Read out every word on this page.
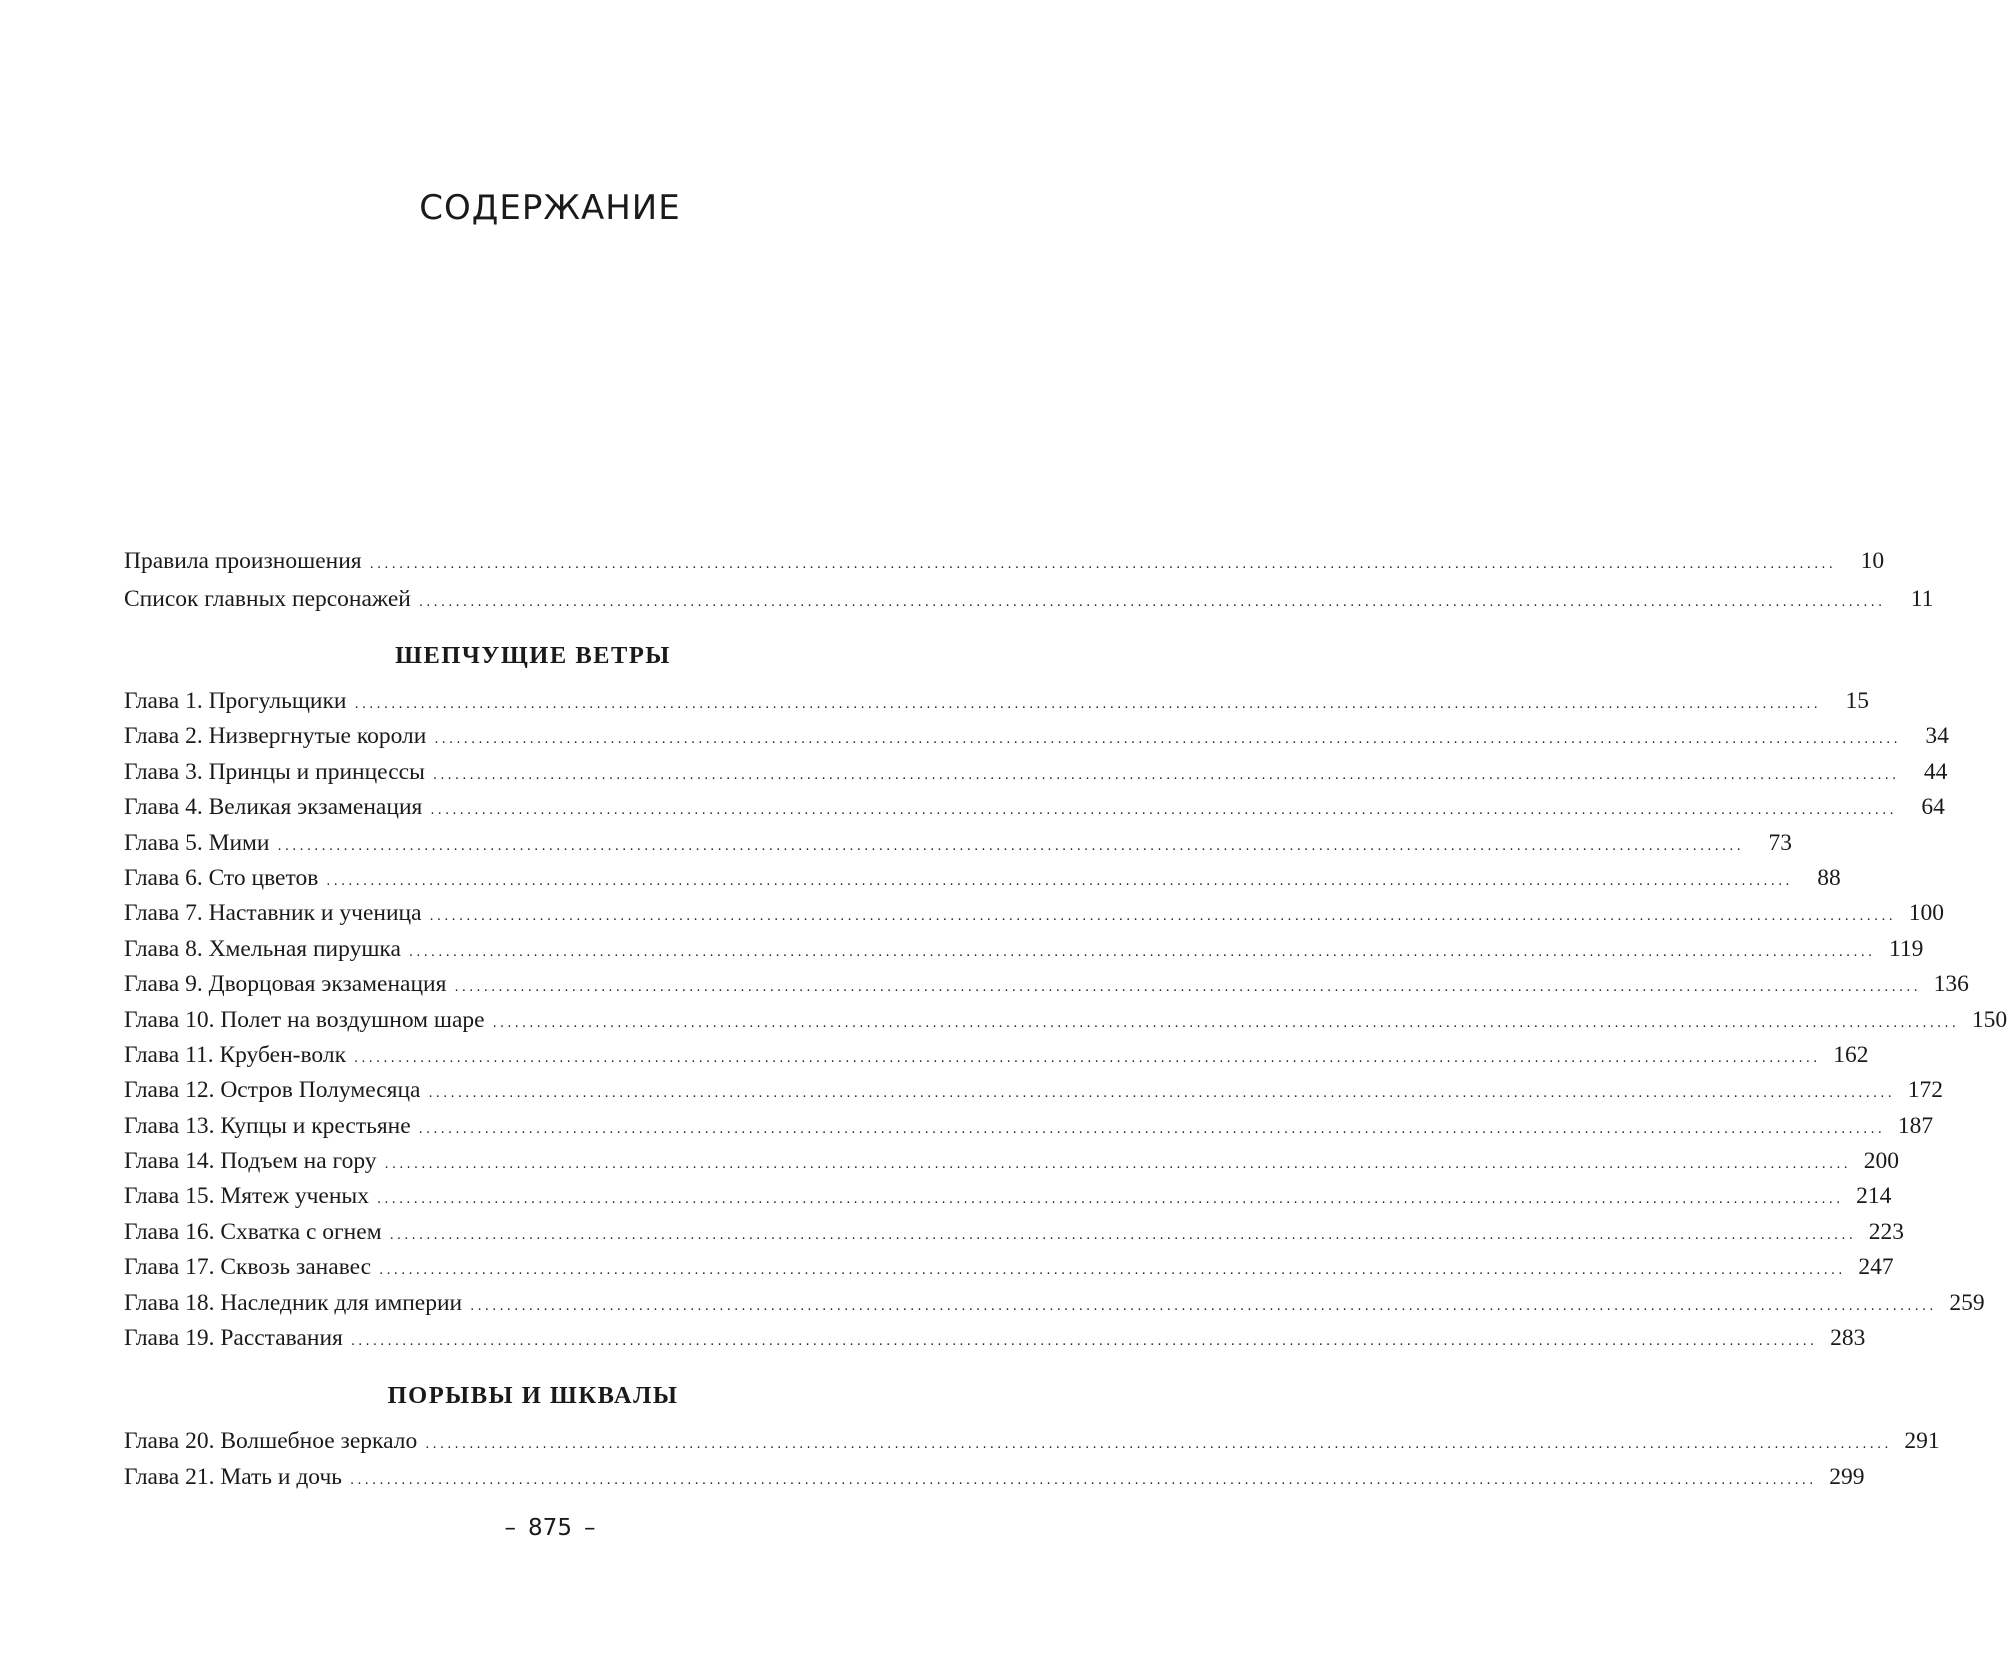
СОДЕРЖАНИЕ
Правила произношения ........................................................................................................................................................................................................	10
Список главных персонажей ........................................................................................................................................................................................................	11
ШЕПЧУЩИЕ ВЕТРЫ
Глава 1. Прогульщики ........................................................................................................................................................................................................	15
Глава 2. Низвергнутые короли ........................................................................................................................................................................................................	34
Глава 3. Принцы и принцессы ........................................................................................................................................................................................................	44
Глава 4. Великая экзаменация ........................................................................................................................................................................................................	64
Глава 5. Мими ........................................................................................................................................................................................................	73
Глава 6. Сто цветов ........................................................................................................................................................................................................	88
Глава 7. Наставник и ученица ........................................................................................................................................................................................................ 100
Глава 8. Хмельная пирушка ........................................................................................................................................................................................................ 119
Глава 9. Дворцовая экзаменация ........................................................................................................................................................................................................ 136
Глава 10. Полет на воздушном шаре ........................................................................................................................................................................................................ 150
Глава 11. Крубен-волк ........................................................................................................................................................................................................ 162
Глава 12. Остров Полумесяца ........................................................................................................................................................................................................ 172
Глава 13. Купцы и крестьяне ........................................................................................................................................................................................................ 187
Глава 14. Подъем на гору ........................................................................................................................................................................................................ 200
Глава 15. Мятеж ученых ........................................................................................................................................................................................................ 214
Глава 16. Схватка с огнем ........................................................................................................................................................................................................ 223
Глава 17. Сквозь занавес ........................................................................................................................................................................................................ 247
Глава 18. Наследник для империи ........................................................................................................................................................................................................ 259
Глава 19. Расставания ........................................................................................................................................................................................................ 283
ПОРЫВЫ И ШКВАЛЫ
Глава 20. Волшебное зеркало ........................................................................................................................................................................................................ 291
Глава 21. Мать и дочь ........................................................................................................................................................................................................ 299
– 875 –
